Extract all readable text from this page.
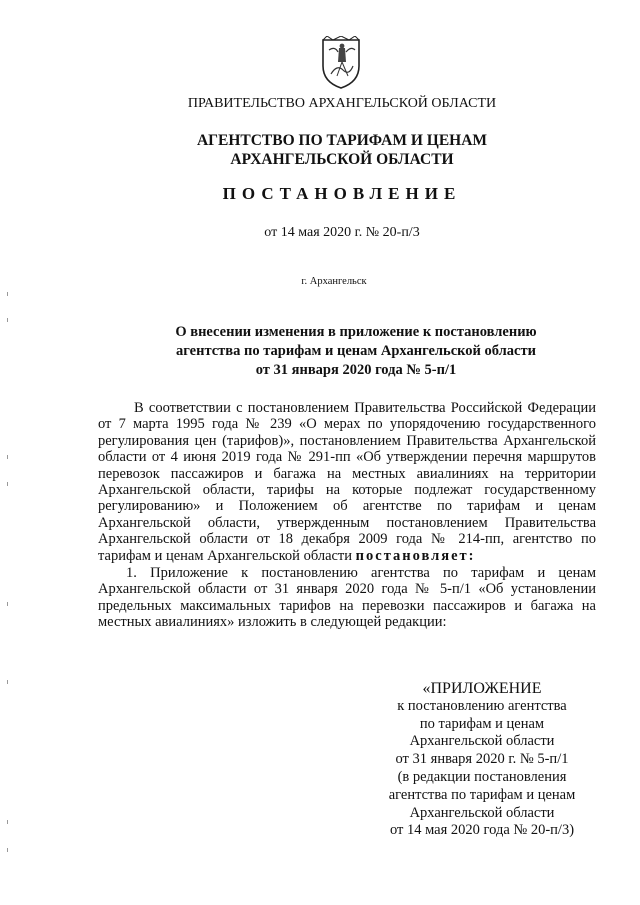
ПРАВИТЕЛЬСТВО АРХАНГЕЛЬСКОЙ ОБЛАСТИ
АГЕНТСТВО ПО ТАРИФАМ И ЦЕНАМ
АРХАНГЕЛЬСКОЙ ОБЛАСТИ
ПОСТАНОВЛЕНИЕ
от 14 мая 2020 г. № 20-п/3
г. Архангельск
О внесении изменения в приложение к постановлению
агентства по тарифам и ценам Архангельской области
от 31 января 2020 года № 5-п/1

В соответствии с постановлением Правительства Российской Федерации от 7 марта 1995 года № 239 «О мерах по упорядочению государственного регулирования цен (тарифов)», постановлением Правительства Архангельской области от 4 июня 2019 года № 291-пп «Об утверждении перечня маршрутов перевозок пассажиров и багажа на местных авиалиниях на территории Архангельской области, тарифы на которые подлежат государственному регулированию» и Положением об агентстве по тарифам и ценам Архангельской области, утвержденным постановлением Правительства Архангельской области от 18 декабря 2009 года № 214-пп, агентство по тарифам и ценам Архангельской области постановляет:

1. Приложение к постановлению агентства по тарифам и ценам Архангельской области от 31 января 2020 года № 5-п/1 «Об установлении предельных максимальных тарифов на перевозки пассажиров и багажа на местных авиалиниях» изложить в следующей редакции:

«ПРИЛОЖЕНИЕ
к постановлению агентства
по тарифам и ценам
Архангельской области
от 31 января 2020 г. № 5-п/1
(в редакции постановления
агентства по тарифам и ценам
Архангельской области
от 14 мая 2020 года № 20-п/3)
